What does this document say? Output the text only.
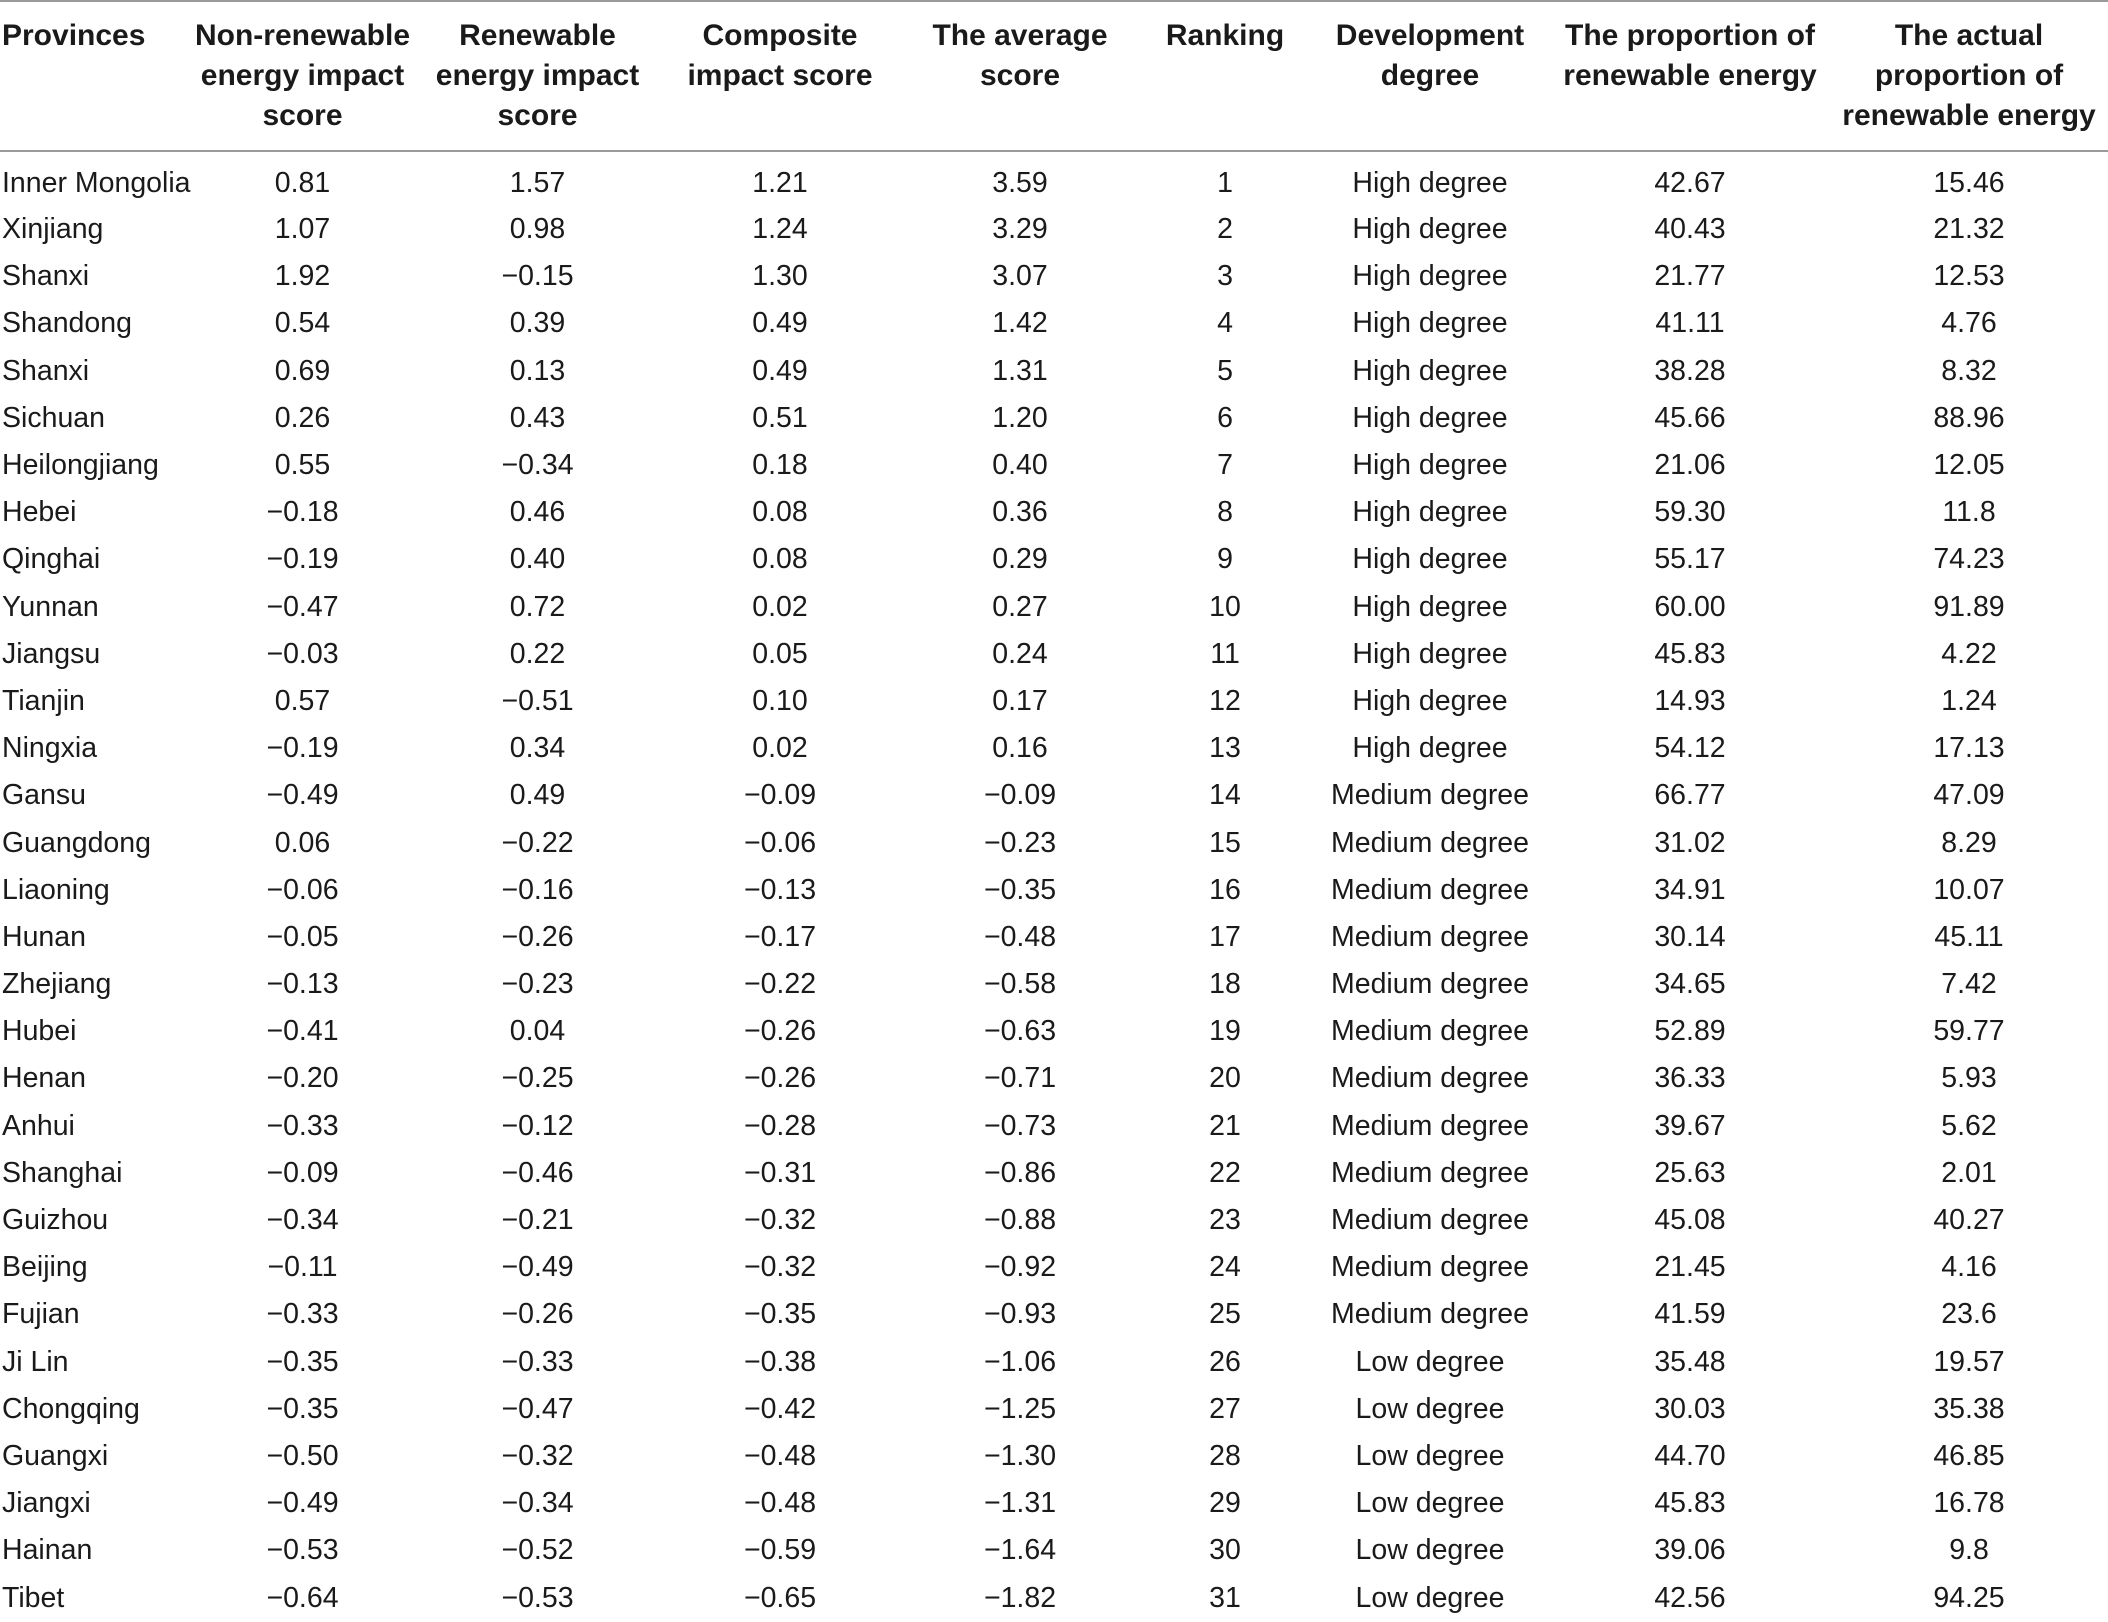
Provinces	Non-renewable energy impact score	Renewable energy impact score	Composite impact score	The average score	Ranking	Development degree	The proportion of renewable energy	The actual proportion of renewable energy
Inner Mongolia	0.81	1.57	1.21	3.59	1	High degree	42.67	15.46
Xinjiang	1.07	0.98	1.24	3.29	2	High degree	40.43	21.32
Shanxi	1.92	−0.15	1.30	3.07	3	High degree	21.77	12.53
Shandong	0.54	0.39	0.49	1.42	4	High degree	41.11	4.76
Shanxi	0.69	0.13	0.49	1.31	5	High degree	38.28	8.32
Sichuan	0.26	0.43	0.51	1.20	6	High degree	45.66	88.96
Heilongjiang	0.55	−0.34	0.18	0.40	7	High degree	21.06	12.05
Hebei	−0.18	0.46	0.08	0.36	8	High degree	59.30	11.8
Qinghai	−0.19	0.40	0.08	0.29	9	High degree	55.17	74.23
Yunnan	−0.47	0.72	0.02	0.27	10	High degree	60.00	91.89
Jiangsu	−0.03	0.22	0.05	0.24	11	High degree	45.83	4.22
Tianjin	0.57	−0.51	0.10	0.17	12	High degree	14.93	1.24
Ningxia	−0.19	0.34	0.02	0.16	13	High degree	54.12	17.13
Gansu	−0.49	0.49	−0.09	−0.09	14	Medium degree	66.77	47.09
Guangdong	0.06	−0.22	−0.06	−0.23	15	Medium degree	31.02	8.29
Liaoning	−0.06	−0.16	−0.13	−0.35	16	Medium degree	34.91	10.07
Hunan	−0.05	−0.26	−0.17	−0.48	17	Medium degree	30.14	45.11
Zhejiang	−0.13	−0.23	−0.22	−0.58	18	Medium degree	34.65	7.42
Hubei	−0.41	0.04	−0.26	−0.63	19	Medium degree	52.89	59.77
Henan	−0.20	−0.25	−0.26	−0.71	20	Medium degree	36.33	5.93
Anhui	−0.33	−0.12	−0.28	−0.73	21	Medium degree	39.67	5.62
Shanghai	−0.09	−0.46	−0.31	−0.86	22	Medium degree	25.63	2.01
Guizhou	−0.34	−0.21	−0.32	−0.88	23	Medium degree	45.08	40.27
Beijing	−0.11	−0.49	−0.32	−0.92	24	Medium degree	21.45	4.16
Fujian	−0.33	−0.26	−0.35	−0.93	25	Medium degree	41.59	23.6
Ji Lin	−0.35	−0.33	−0.38	−1.06	26	Low degree	35.48	19.57
Chongqing	−0.35	−0.47	−0.42	−1.25	27	Low degree	30.03	35.38
Guangxi	−0.50	−0.32	−0.48	−1.30	28	Low degree	44.70	46.85
Jiangxi	−0.49	−0.34	−0.48	−1.31	29	Low degree	45.83	16.78
Hainan	−0.53	−0.52	−0.59	−1.64	30	Low degree	39.06	9.8
Tibet	−0.64	−0.53	−0.65	−1.82	31	Low degree	42.56	94.25
